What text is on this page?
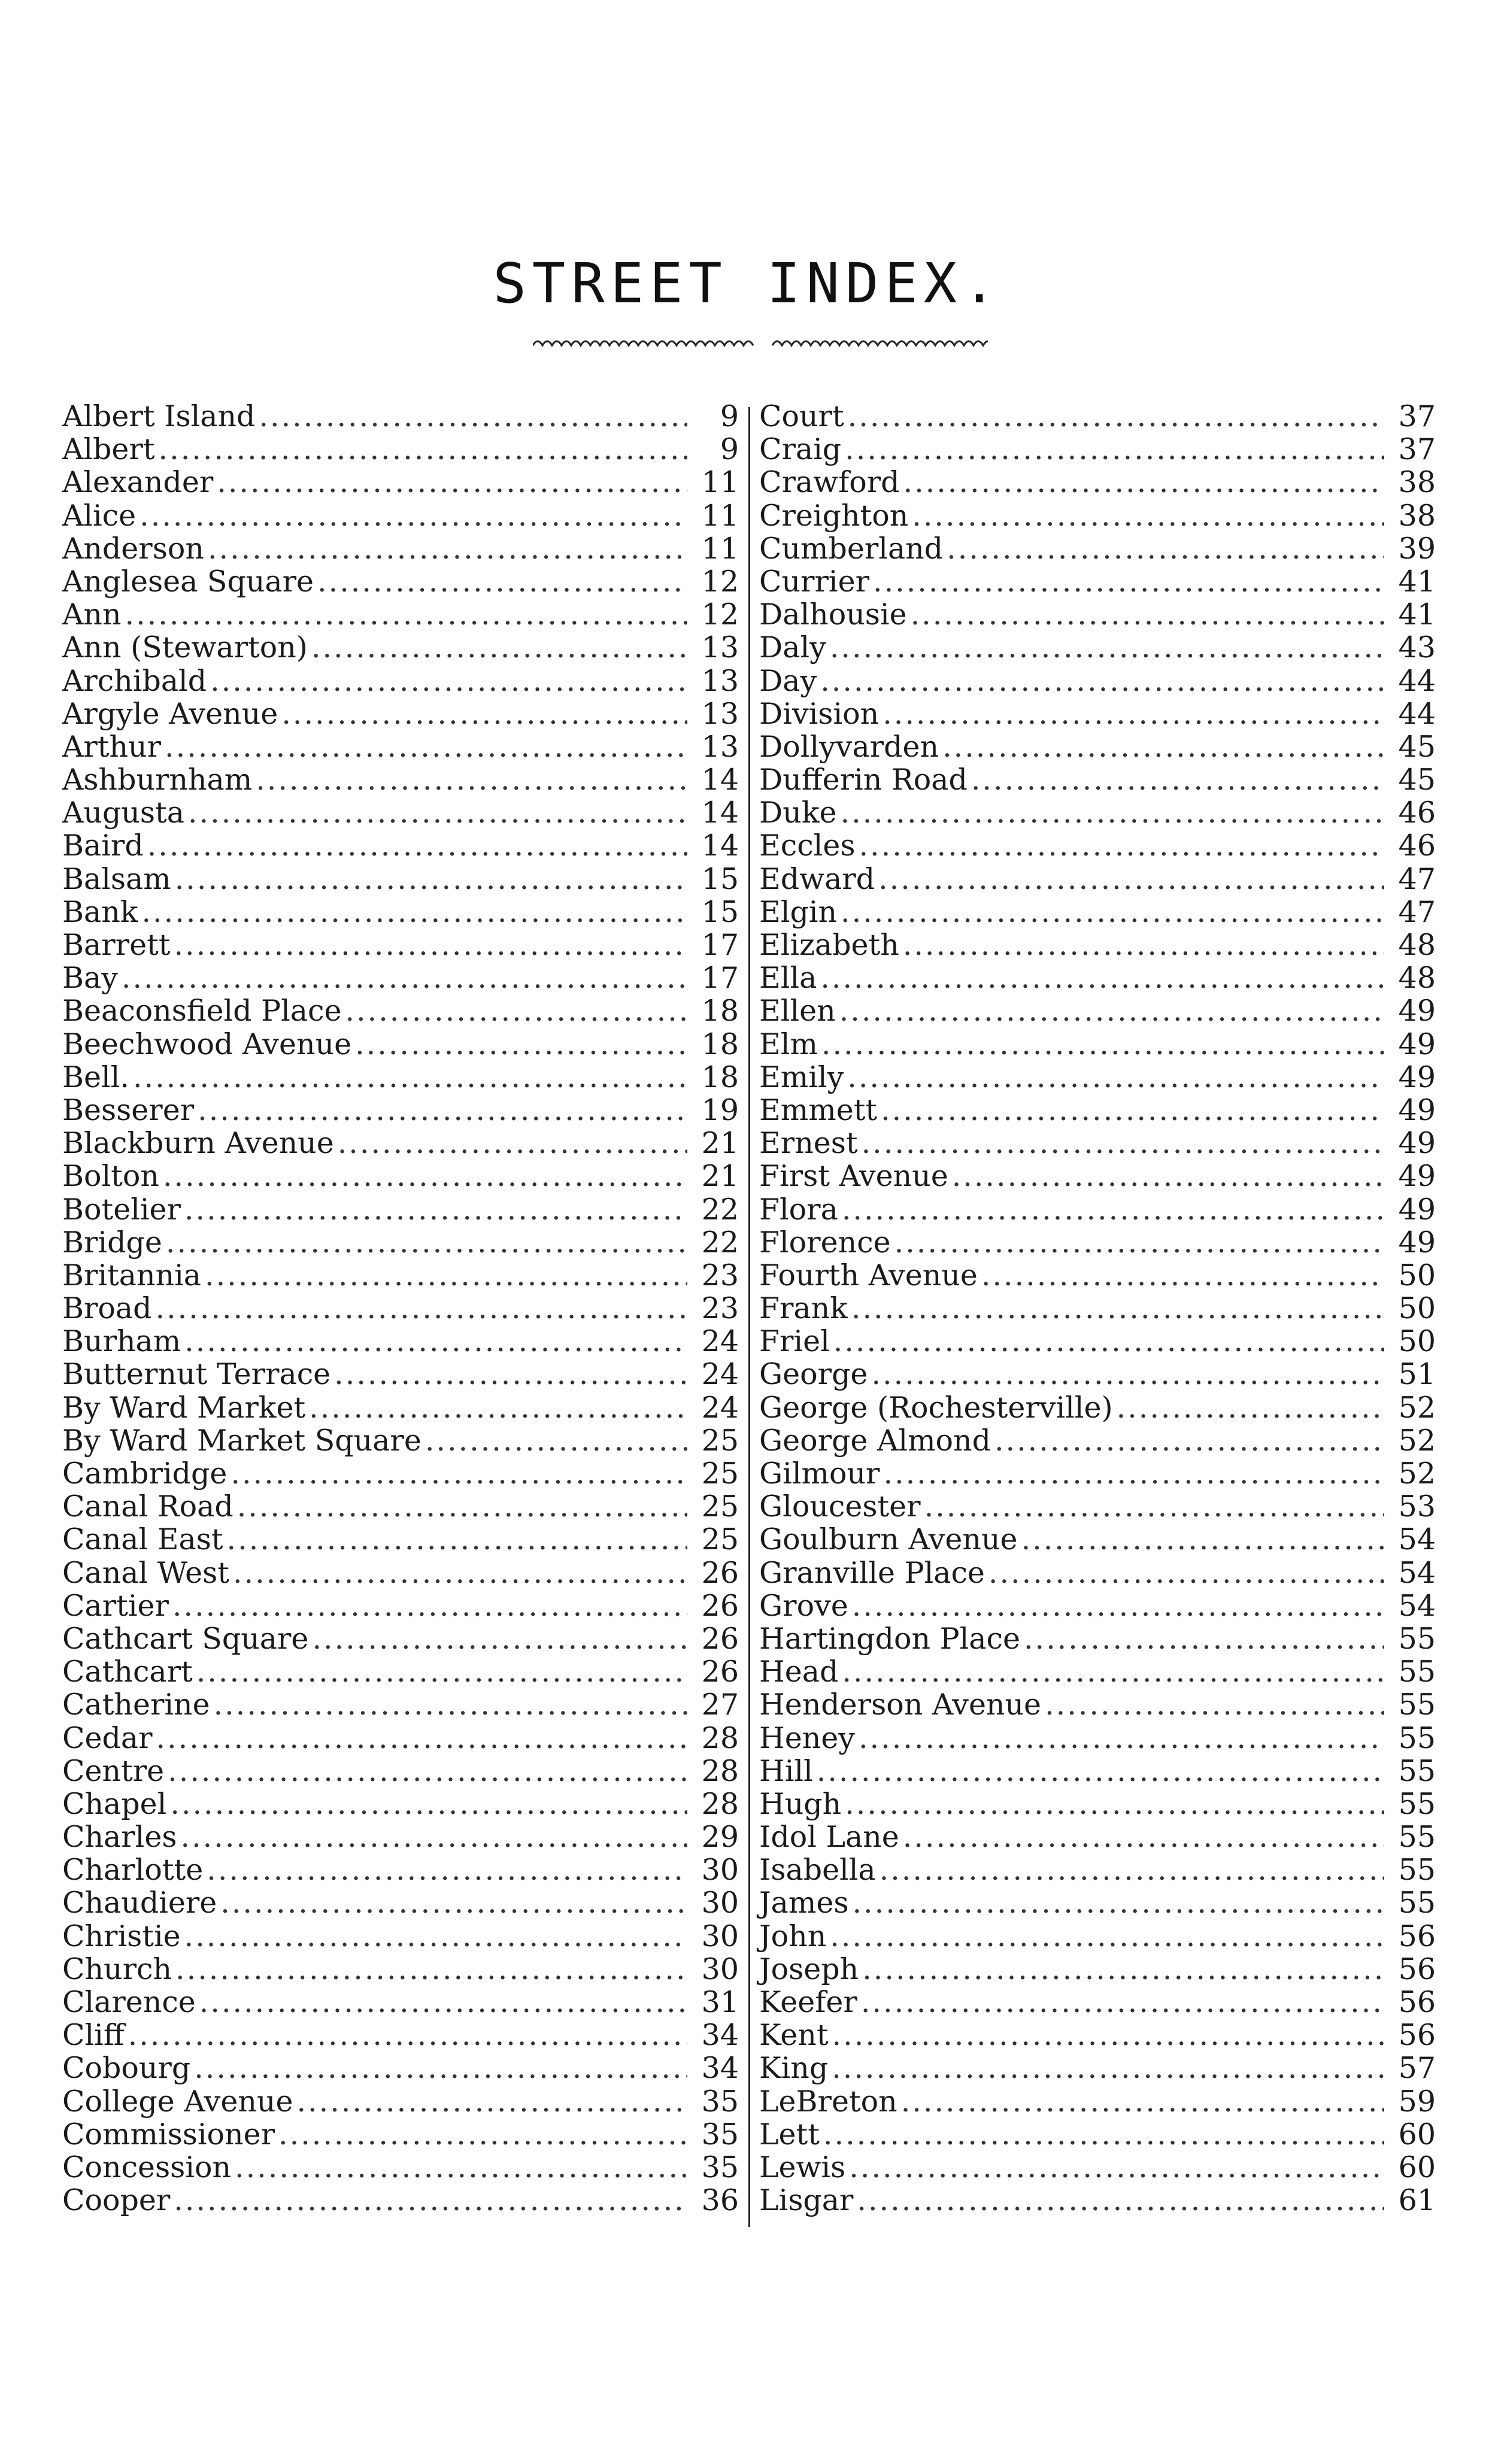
STREET INDEX.
Albert Island .....	9
Albert .....	9
Alexander .....	11
Alice .....	11
Anderson .....	11
Anglesea Square .....	12
Ann .....	12
Ann (Stewarton) .....	13
Archibald .....	13
Argyle Avenue .....	13
Arthur .....	13
Ashburnham .....	14
Augusta .....	14
Baird .....	14
Balsam .....	15
Bank .....	15
Barrett .....	17
Bay .....	17
Beaconsfield Place .....	18
Beechwood Avenue .....	18
Bell. .....	18
Besserer .....	19
Blackburn Avenue .....	21
Bolton .....	21
Botelier .....	22
Bridge .....	22
Britannia .....	23
Broad .....	23
Burham .....	24
Butternut Terrace .....	24
By Ward Market .....	24
By Ward Market Square .....	25
Cambridge .....	25
Canal Road .....	25
Canal East .....	25
Canal West .....	26
Cartier .....	26
Cathcart Square .....	26
Cathcart .....	26
Catherine .....	27
Cedar .....	28
Centre .....	28
Chapel .....	28
Charles .....	29
Charlotte .....	30
Chaudiere .....	30
Christie .....	30
Church .....	30
Clarence .....	31
Cliff .....	34
Cobourg .....	34
College Avenue .....	35
Commissioner .....	35
Concession .....	35
Cooper .....	36
Court .....	37
Craig .....	37
Crawford .....	38
Creighton .....	38
Cumberland .....	39
Currier .....	41
Dalhousie .....	41
Daly .....	43
Day .....	44
Division .....	44
Dollyvarden .....	45
Dufferin Road .....	45
Duke .....	46
Eccles .....	46
Edward .....	47
Elgin .....	47
Elizabeth .....	48
Ella .....	48
Ellen .....	49
Elm .....	49
Emily .....	49
Emmett .....	49
Ernest .....	49
First Avenue .....	49
Flora .....	49
Florence .....	49
Fourth Avenue .....	50
Frank .....	50
Friel .....	50
George .....	51
George (Rochesterville) .....	52
George Almond .....	52
Gilmour .....	52
Gloucester .....	53
Goulburn Avenue .....	54
Granville Place .....	54
Grove .....	54
Hartingdon Place .....	55
Head .....	55
Henderson Avenue .....	55
Heney .....	55
Hill .....	55
Hugh .....	55
Idol Lane .....	55
Isabella .....	55
James .....	55
John .....	56
Joseph .....	56
Keefer .....	56
Kent .....	56
King .....	57
LeBreton .....	59
Lett .....	60
Lewis .....	60
Lisgar .....	61
